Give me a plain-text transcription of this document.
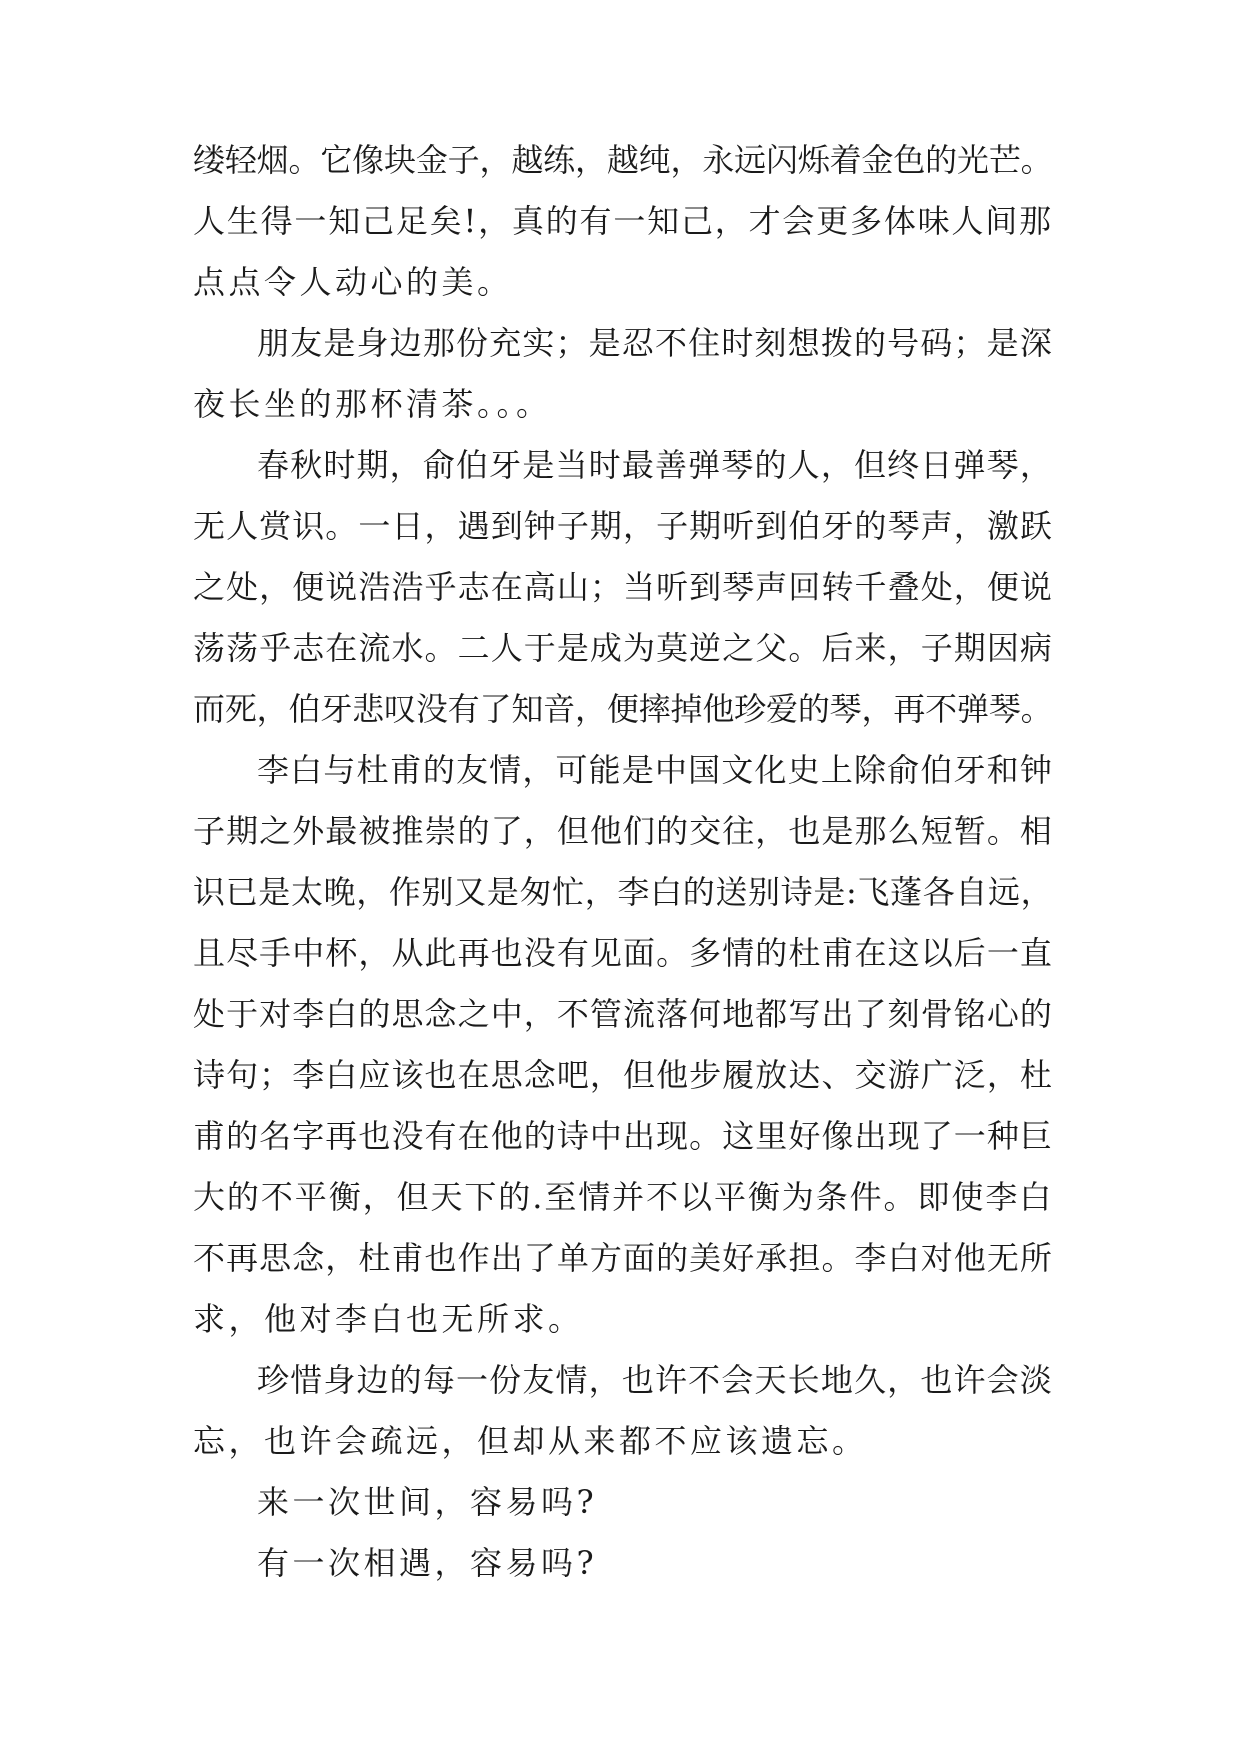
缕轻烟。它像块金子，越练，越纯，永远闪烁着金色的光芒。
人生得一知己足矣!，真的有一知己，才会更多体味人间那
点点令人动心的美。
朋友是身边那份充实；是忍不住时刻想拨的号码；是深
夜长坐的那杯清茶。。。
春秋时期，俞伯牙是当时最善弹琴的人，但终日弹琴，
无人赏识。一日，遇到钟子期，子期听到伯牙的琴声，激跃
之处，便说浩浩乎志在高山；当听到琴声回转千叠处，便说
荡荡乎志在流水。二人于是成为莫逆之父。后来，子期因病
而死，伯牙悲叹没有了知音，便摔掉他珍爱的琴，再不弹琴。
李白与杜甫的友情，可能是中国文化史上除俞伯牙和钟
子期之外最被推崇的了，但他们的交往，也是那么短暂。相
识已是太晚，作别又是匆忙，李白的送别诗是:飞蓬各自远，
且尽手中杯，从此再也没有见面。多情的杜甫在这以后一直
处于对李白的思念之中，不管流落何地都写出了刻骨铭心的
诗句；李白应该也在思念吧，但他步履放达、交游广泛，杜
甫的名字再也没有在他的诗中出现。这里好像出现了一种巨
大的不平衡，但天下的.至情并不以平衡为条件。即使李白
不再思念，杜甫也作出了单方面的美好承担。李白对他无所
求，他对李白也无所求。
珍惜身边的每一份友情，也许不会天长地久，也许会淡
忘，也许会疏远，但却从来都不应该遗忘。
来一次世间，容易吗?
有一次相遇，容易吗?
